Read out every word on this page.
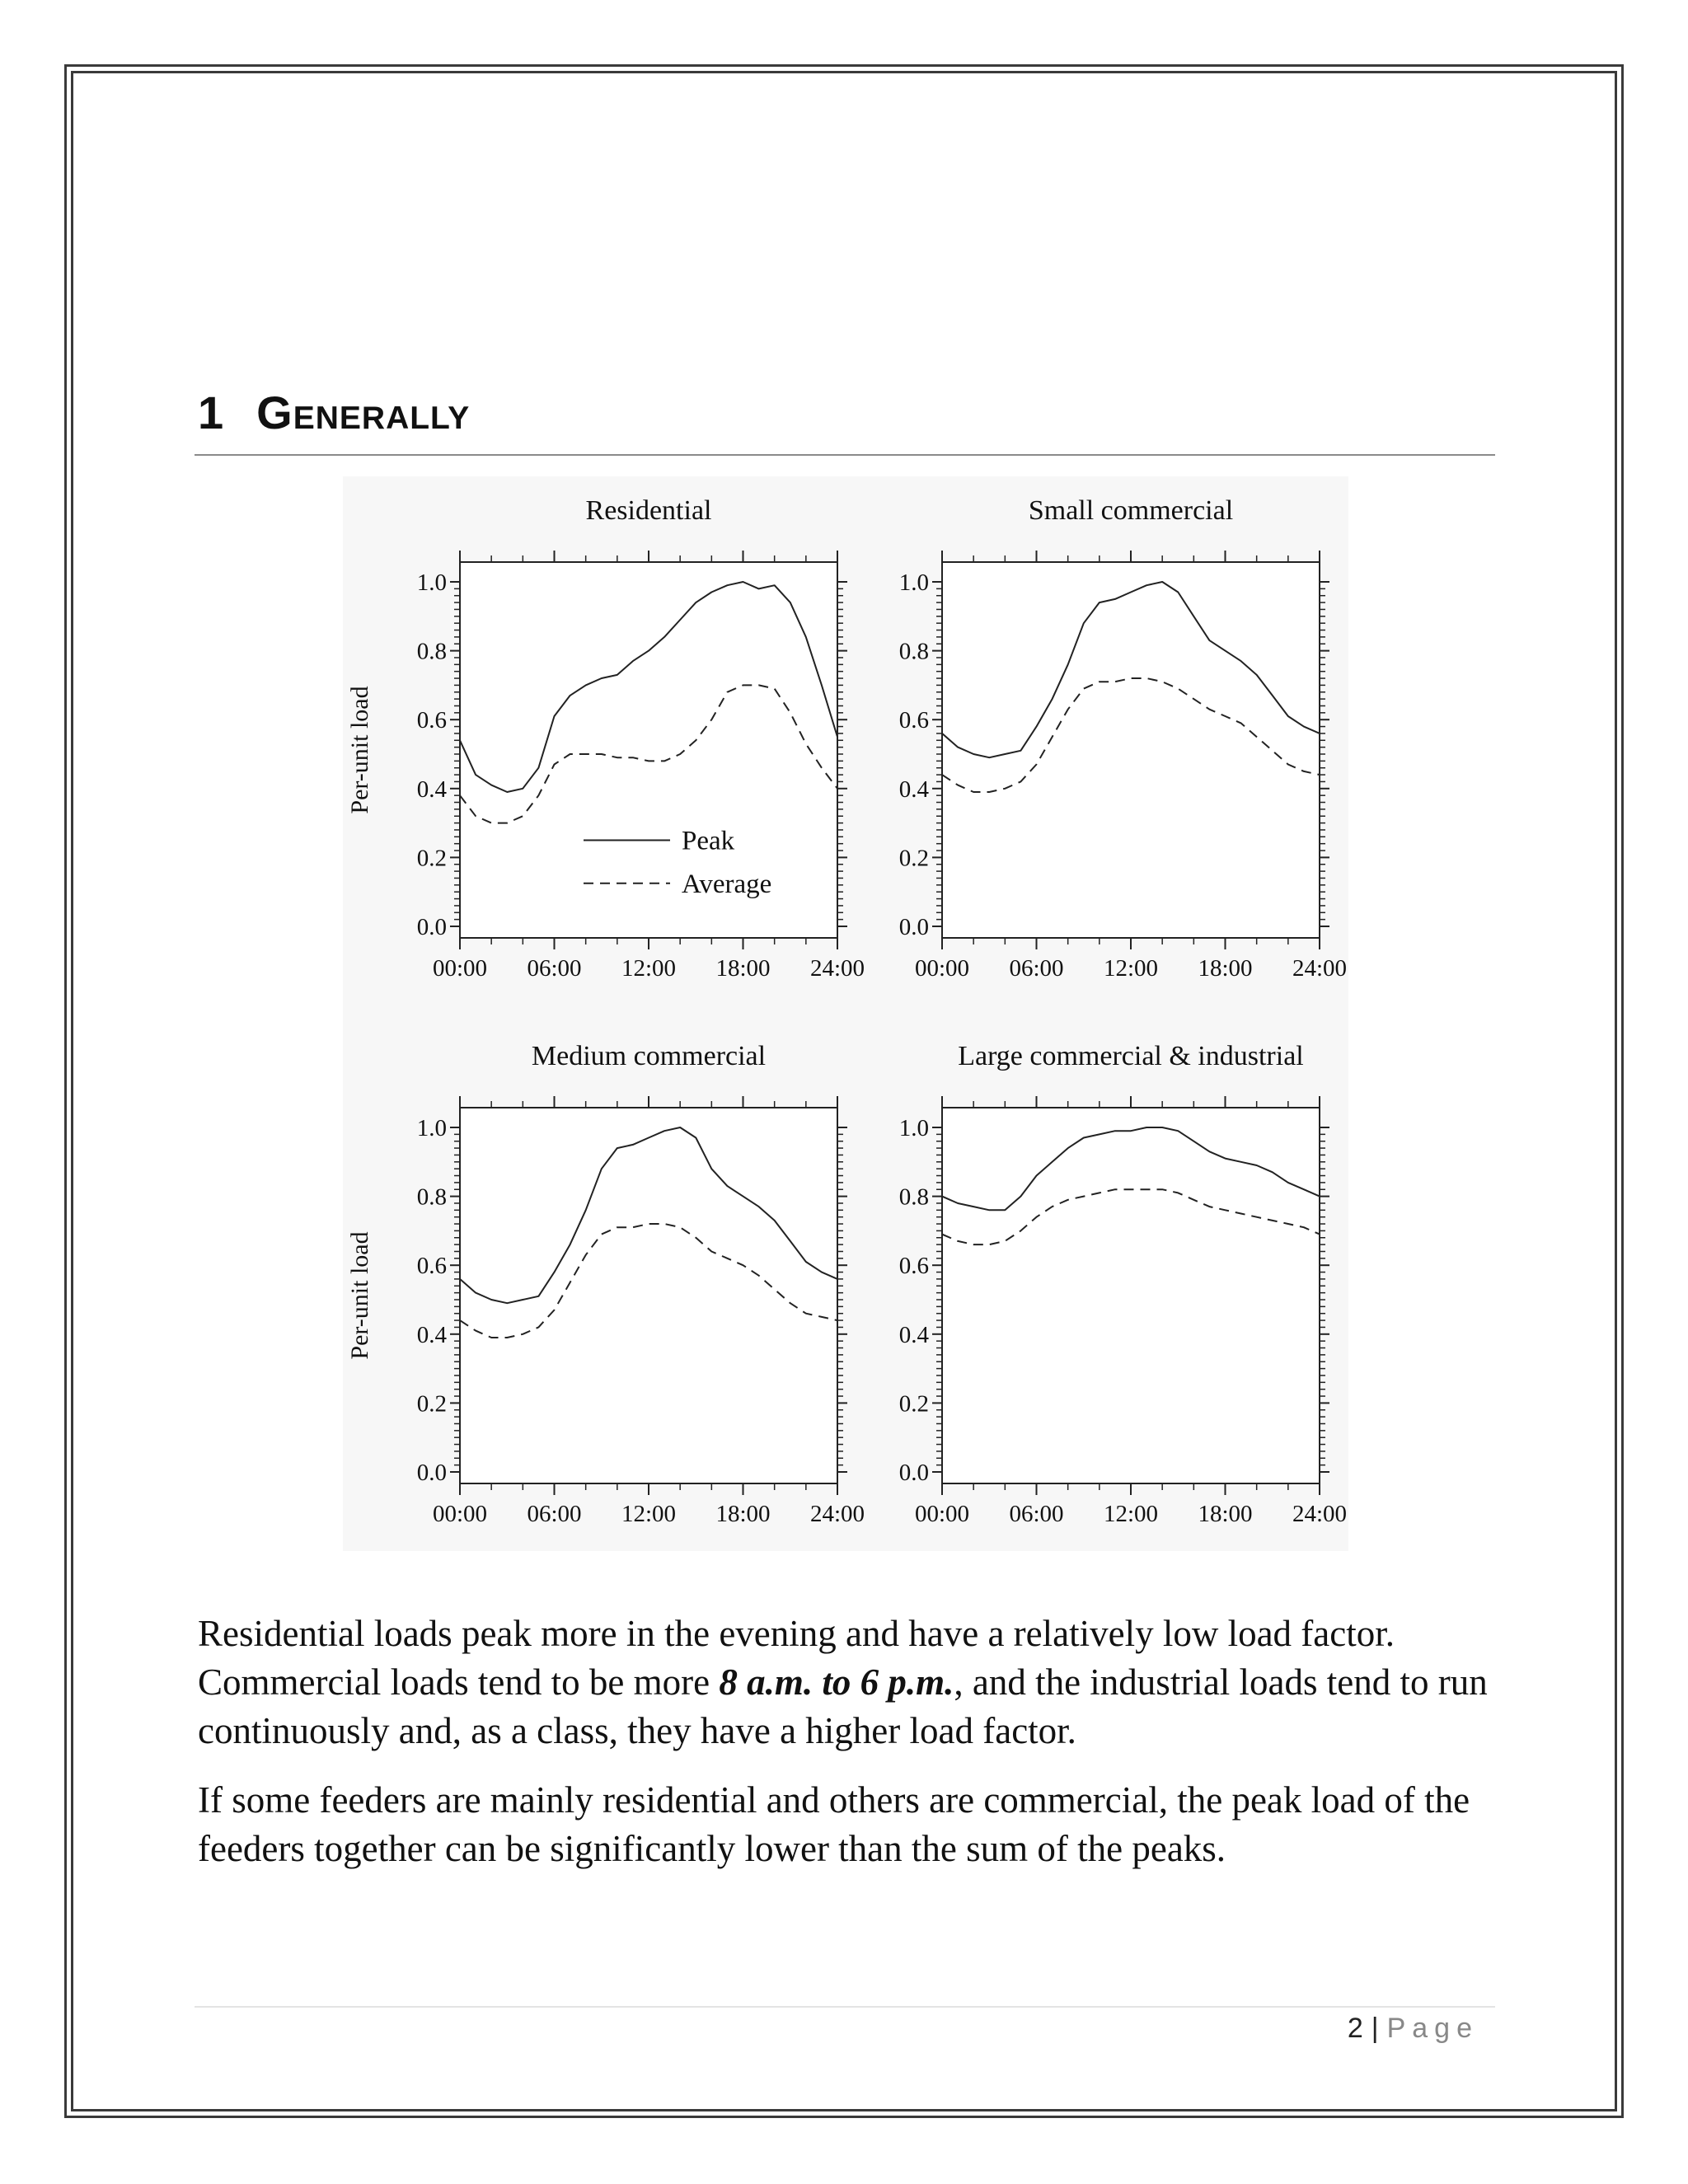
1 Generally
Residential
0.0
0.2
0.4
0.6
0.8
1.0
00:00 06:00 12:00 18:00 24:00
Per-unit load
Peak
Average
Small commercial
0.0
0.2
0.4
0.6
0.8
1.0
00:00 06:00 12:00 18:00 24:00
Medium commercial
0.0
0.2
0.4
0.6
0.8
1.0
00:00 06:00 12:00 18:00 24:00
Per-unit load
Large commercial & industrial
0.0
0.2
0.4
0.6
0.8
1.0
00:00 06:00 12:00 18:00 24:00

Residential loads peak more in the evening and have a relatively low load factor. Commercial loads tend to be more 8 a.m. to 6 p.m., and the industrial loads tend to run continuously and, as a class, they have a higher load factor.

If some feeders are mainly residential and others are commercial, the peak load of the feeders together can be significantly lower than the sum of the peaks.

2 | Page
